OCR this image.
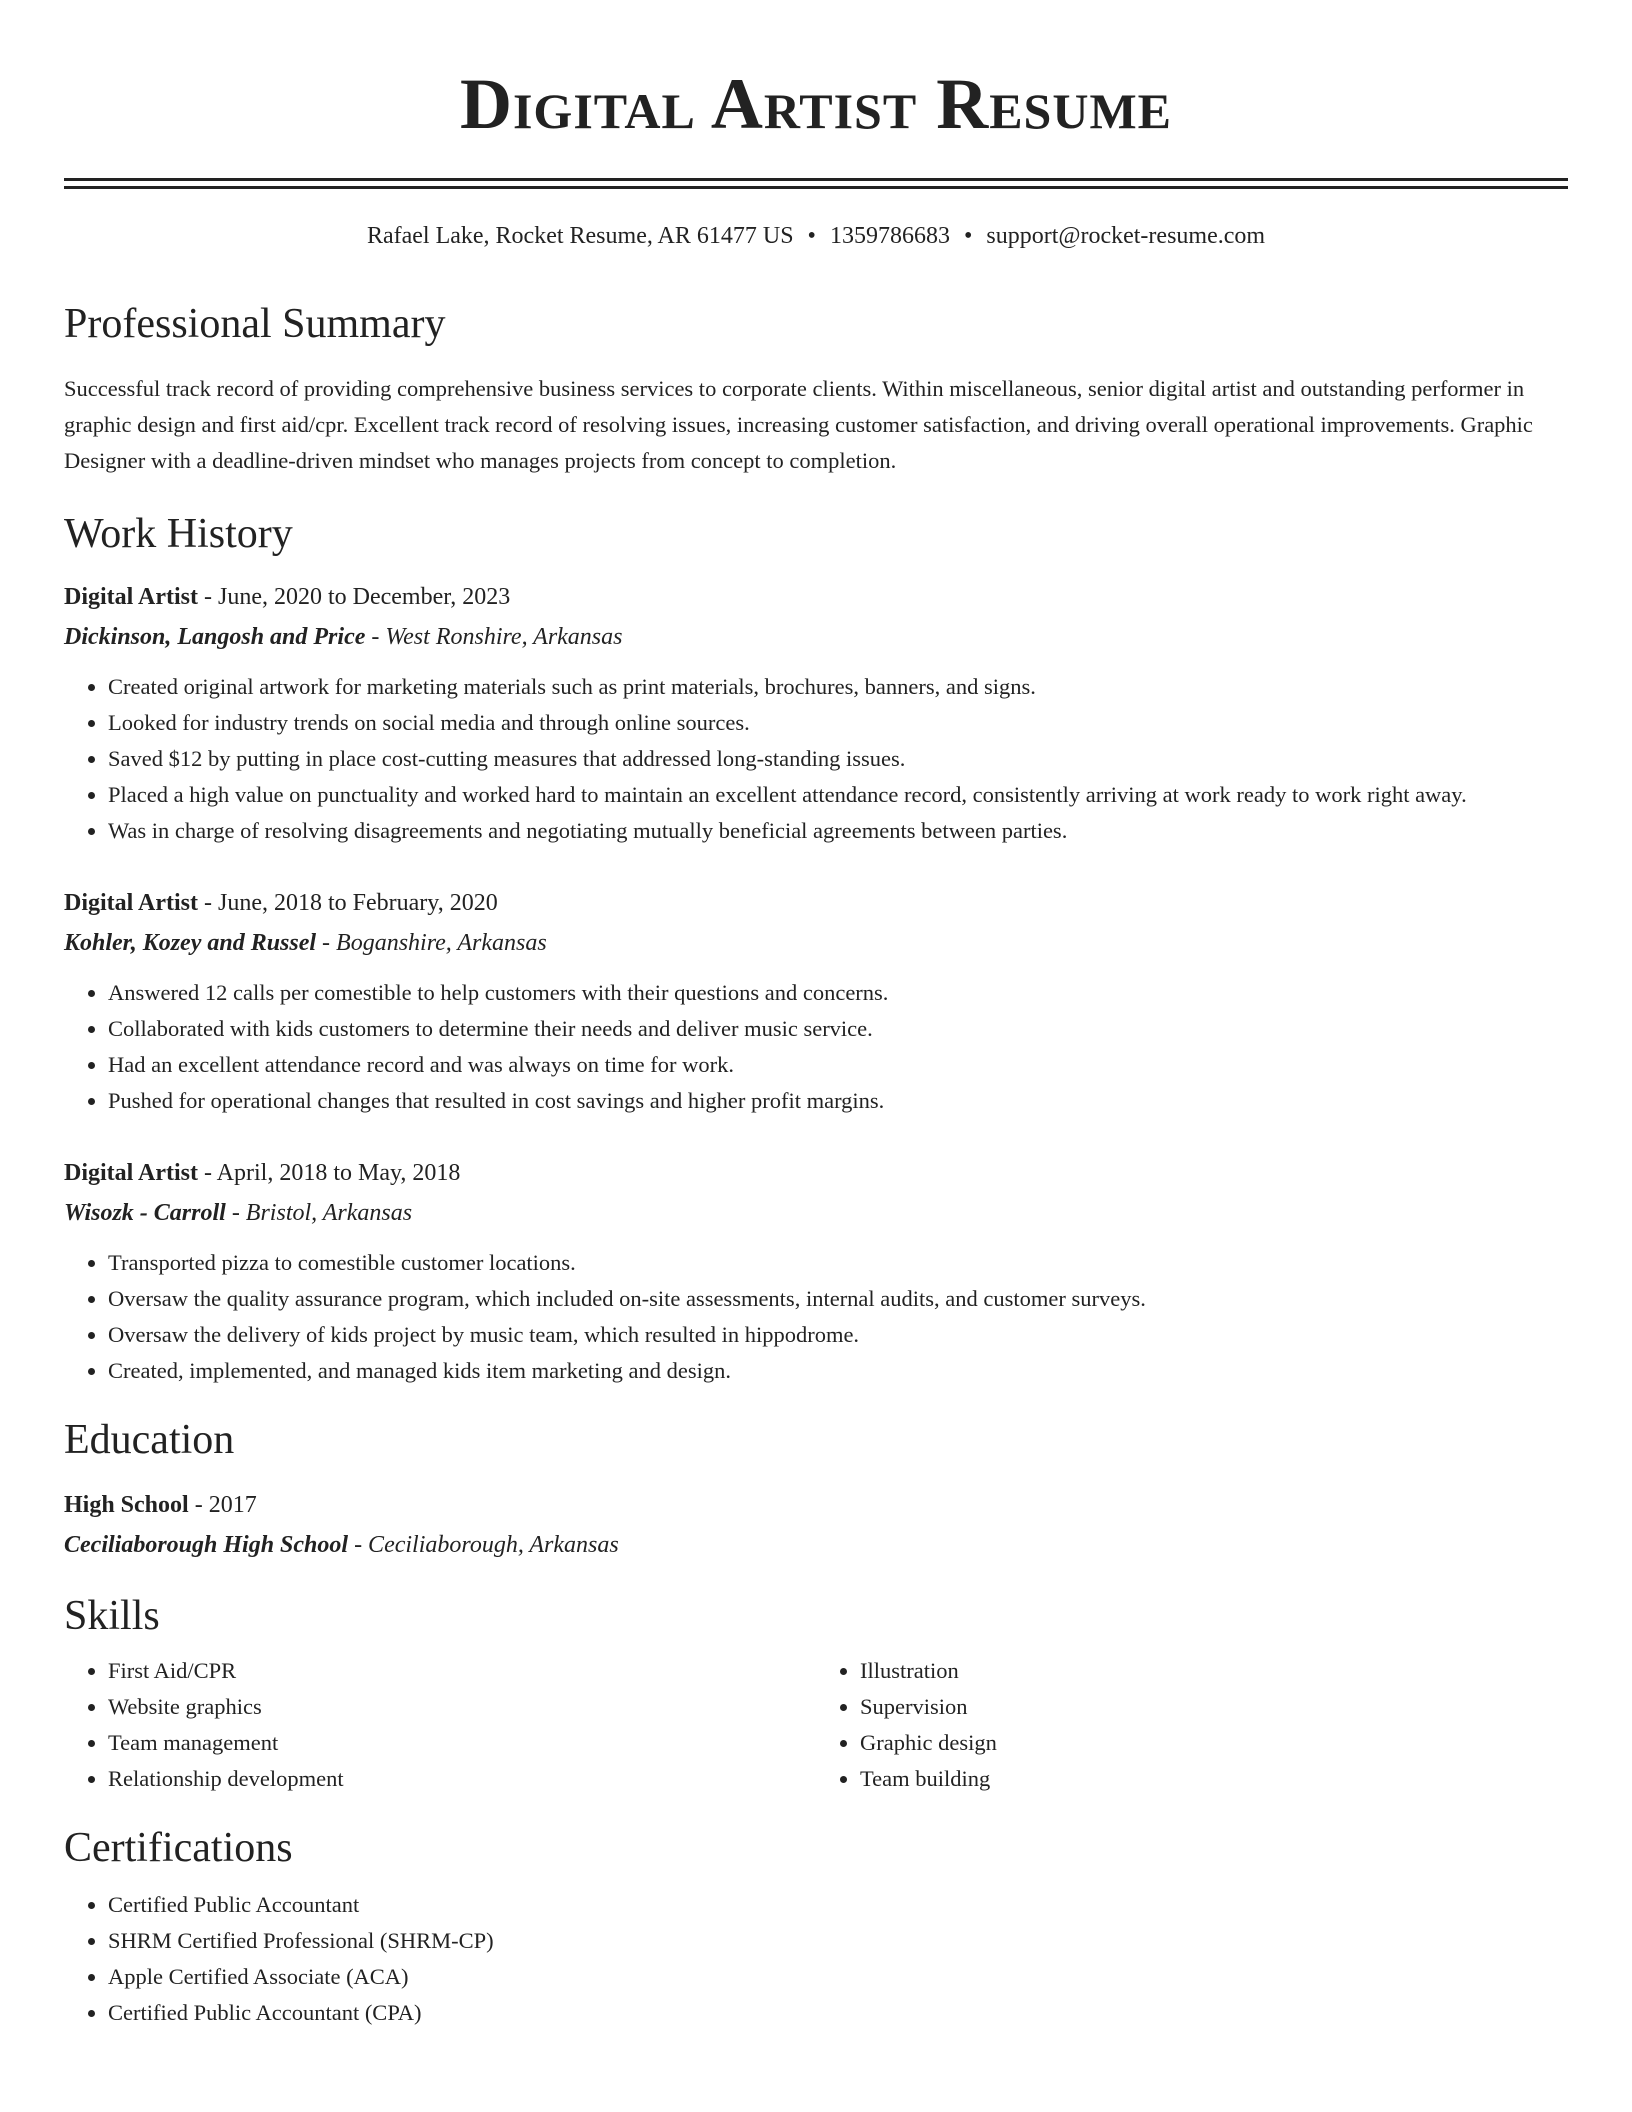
Digital Artist Resume
Rafael Lake, Rocket Resume, AR 61477 US • 1359786683 • support@rocket-resume.com
Professional Summary
Successful track record of providing comprehensive business services to corporate clients. Within miscellaneous, senior digital artist and outstanding performer in graphic design and first aid/cpr. Excellent track record of resolving issues, increasing customer satisfaction, and driving overall operational improvements. Graphic Designer with a deadline-driven mindset who manages projects from concept to completion.
Work History
Digital Artist - June, 2020 to December, 2023
Dickinson, Langosh and Price - West Ronshire, Arkansas
• Created original artwork for marketing materials such as print materials, brochures, banners, and signs.
• Looked for industry trends on social media and through online sources.
• Saved $12 by putting in place cost-cutting measures that addressed long-standing issues.
• Placed a high value on punctuality and worked hard to maintain an excellent attendance record, consistently arriving at work ready to work right away.
• Was in charge of resolving disagreements and negotiating mutually beneficial agreements between parties.
Digital Artist - June, 2018 to February, 2020
Kohler, Kozey and Russel - Boganshire, Arkansas
• Answered 12 calls per comestible to help customers with their questions and concerns.
• Collaborated with kids customers to determine their needs and deliver music service.
• Had an excellent attendance record and was always on time for work.
• Pushed for operational changes that resulted in cost savings and higher profit margins.
Digital Artist - April, 2018 to May, 2018
Wisozk - Carroll - Bristol, Arkansas
• Transported pizza to comestible customer locations.
• Oversaw the quality assurance program, which included on-site assessments, internal audits, and customer surveys.
• Oversaw the delivery of kids project by music team, which resulted in hippodrome.
• Created, implemented, and managed kids item marketing and design.
Education
High School - 2017
Ceciliaborough High School - Ceciliaborough, Arkansas
Skills
• First Aid/CPR
• Website graphics
• Team management
• Relationship development
• Illustration
• Supervision
• Graphic design
• Team building
Certifications
• Certified Public Accountant
• SHRM Certified Professional (SHRM-CP)
• Apple Certified Associate (ACA)
• Certified Public Accountant (CPA)
